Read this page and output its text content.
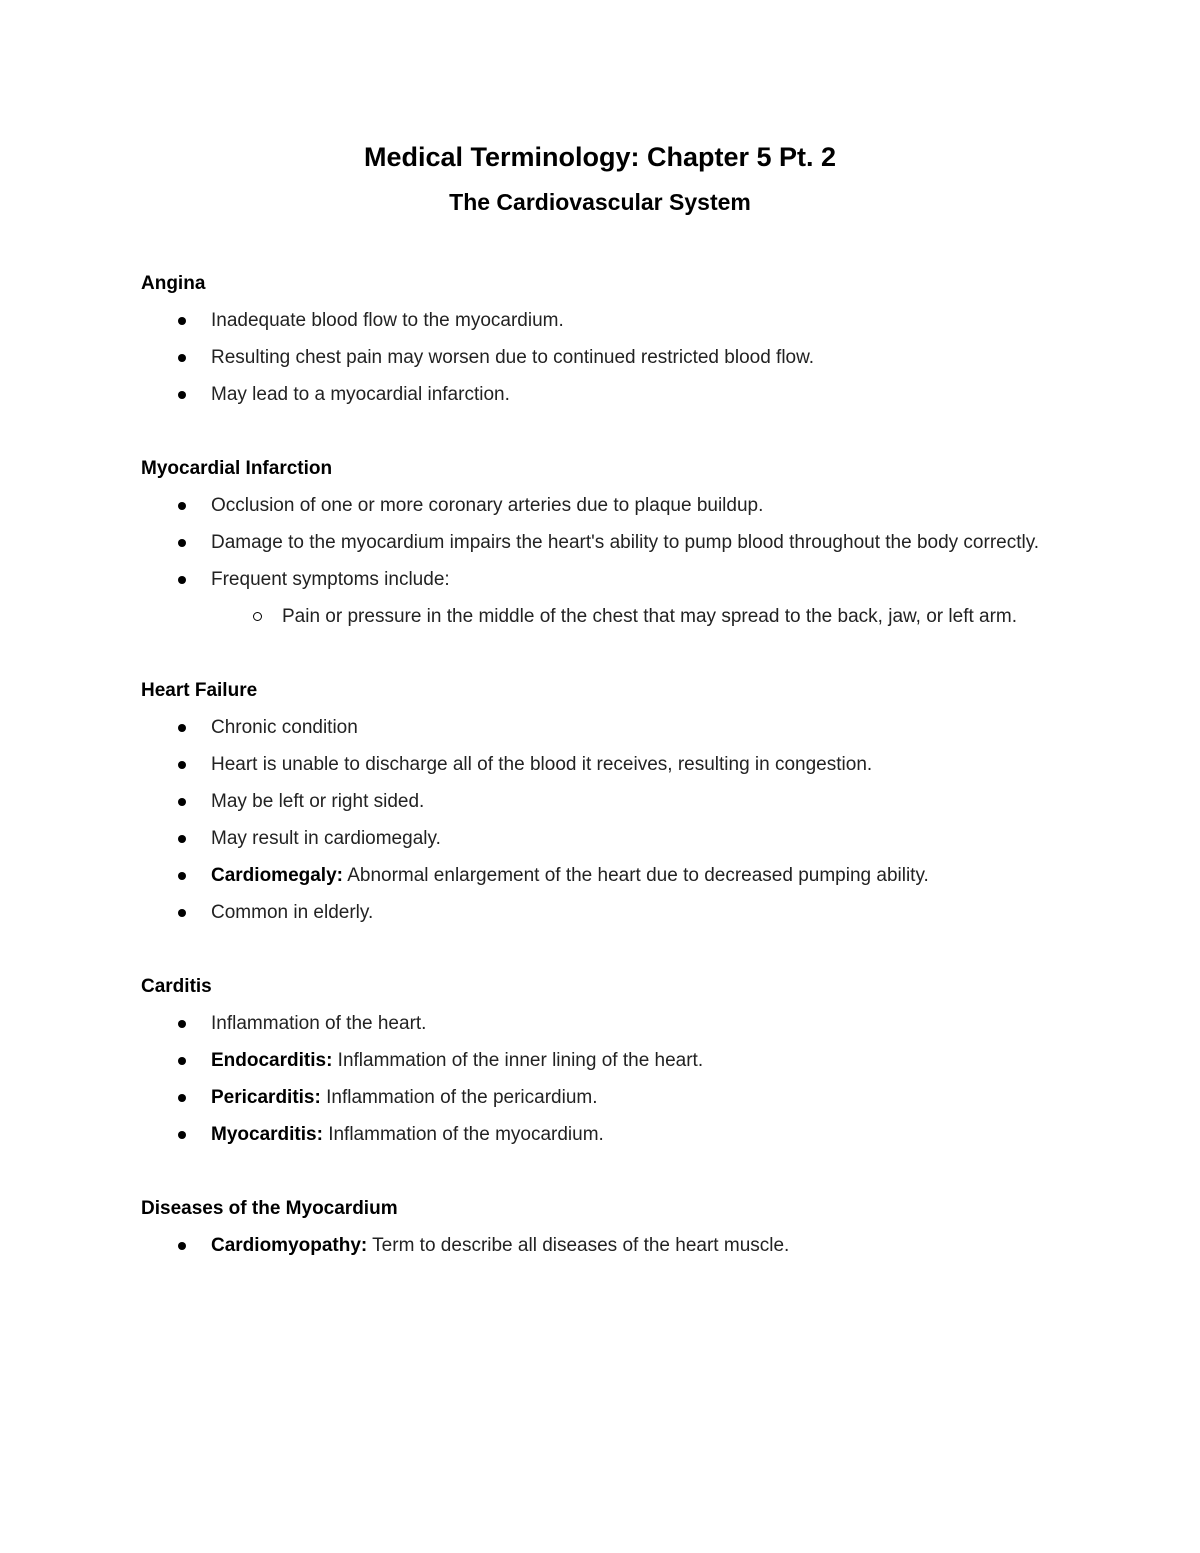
Medical Terminology: Chapter 5 Pt. 2
The Cardiovascular System
Angina
Inadequate blood flow to the myocardium.
Resulting chest pain may worsen due to continued restricted blood flow.
May lead to a myocardial infarction.
Myocardial Infarction
Occlusion of one or more coronary arteries due to plaque buildup.
Damage to the myocardium impairs the heart's ability to pump blood throughout the body correctly.
Frequent symptoms include:
Pain or pressure in the middle of the chest that may spread to the back, jaw, or left arm.
Heart Failure
Chronic condition
Heart is unable to discharge all of the blood it receives, resulting in congestion.
May be left or right sided.
May result in cardiomegaly.
Cardiomegaly: Abnormal enlargement of the heart due to decreased pumping ability.
Common in elderly.
Carditis
Inflammation of the heart.
Endocarditis: Inflammation of the inner lining of the heart.
Pericarditis: Inflammation of the pericardium.
Myocarditis: Inflammation of the myocardium.
Diseases of the Myocardium
Cardiomyopathy: Term to describe all diseases of the heart muscle.
